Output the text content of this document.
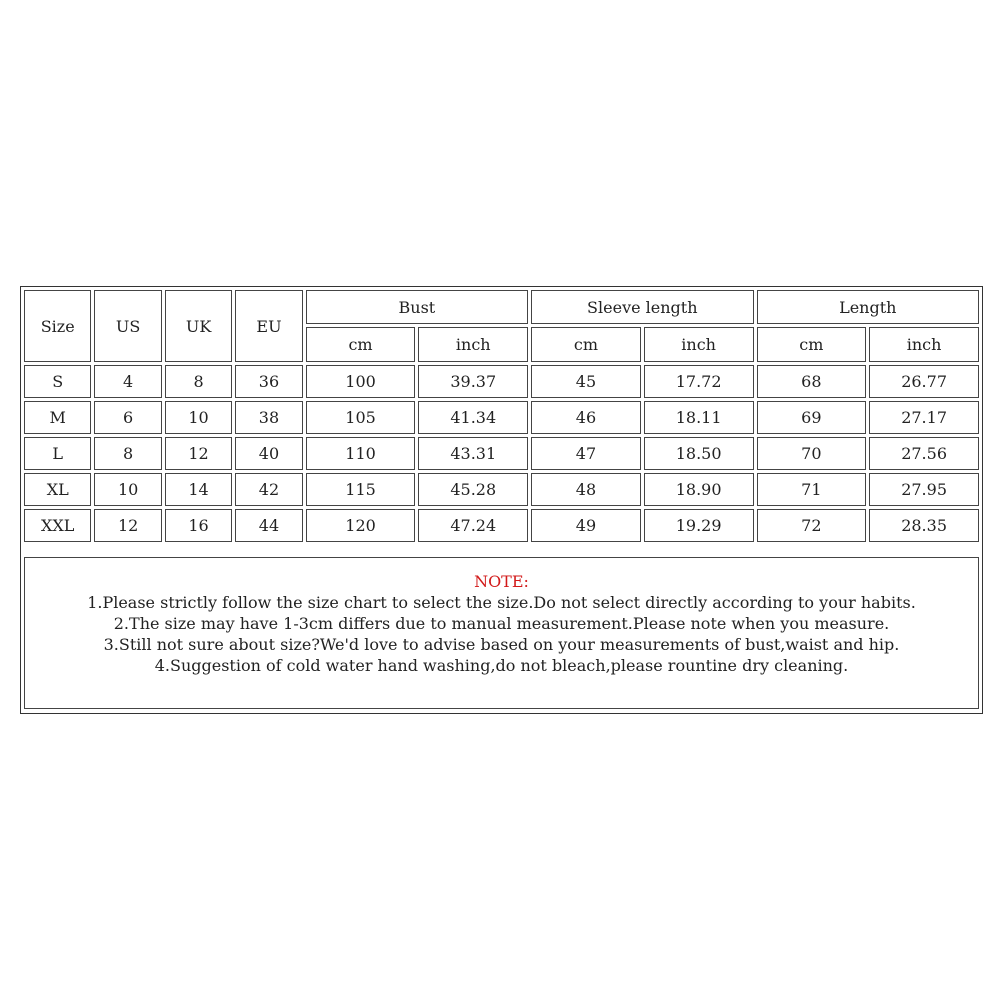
Size	US	UK	EU	Bust		Sleeve length		Length	
				cm	inch	cm	inch	cm	inch
S	4	8	36	100	39.37	45	17.72	68	26.77
M	6	10	38	105	41.34	46	18.11	69	27.17
L	8	12	40	110	43.31	47	18.50	70	27.56
XL	10	14	42	115	45.28	48	18.90	71	27.95
XXL	12	16	44	120	47.24	49	19.29	72	28.35
NOTE:
1.Please strictly follow the size chart to select the size.Do not select directly according to your habits.
2.The size may have 1-3cm differs due to manual measurement.Please note when you measure.
3.Still not sure about size?We'd love to advise based on your measurements of bust,waist and hip.
4.Suggestion of cold water hand washing,do not bleach,please rountine dry cleaning.
